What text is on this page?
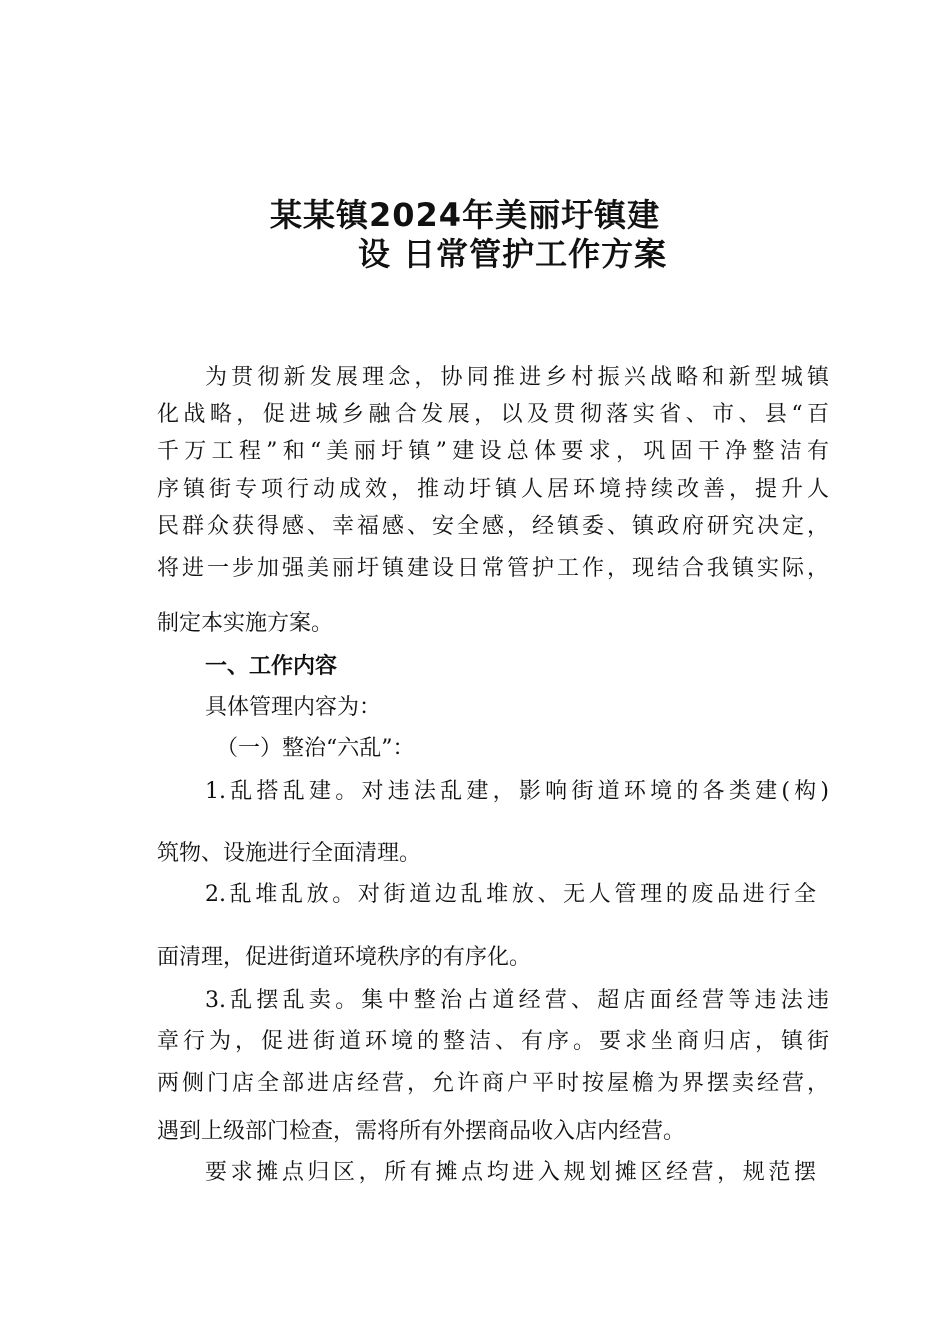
某某镇2024年美丽圩镇建
设 日常管护工作方案
为贯彻新发展理念，协同推进乡村振兴战略和新型城镇
化战略，促进城乡融合发展，以及贯彻落实省、市、县“百
千万工程”和“美丽圩镇”建设总体要求，巩固干净整洁有
序镇街专项行动成效，推动圩镇人居环境持续改善，提升人
民群众获得感、幸福感、安全感，经镇委、镇政府研究决定，
将进一步加强美丽圩镇建设日常管护工作，现结合我镇实际，
制定本实施方案。
一、工作内容
具体管理内容为：
（一）整治“六乱”：
1.乱搭乱建。对违法乱建，影响街道环境的各类建(构)
筑物、设施进行全面清理。
2.乱堆乱放。对街道边乱堆放、无人管理的废品进行全
面清理，促进街道环境秩序的有序化。
3.乱摆乱卖。集中整治占道经营、超店面经营等违法违
章行为，促进街道环境的整洁、有序。要求坐商归店，镇街
两侧门店全部进店经营，允许商户平时按屋檐为界摆卖经营，
遇到上级部门检查，需将所有外摆商品收入店内经营。
要求摊点归区，所有摊点均进入规划摊区经营，规范摆
